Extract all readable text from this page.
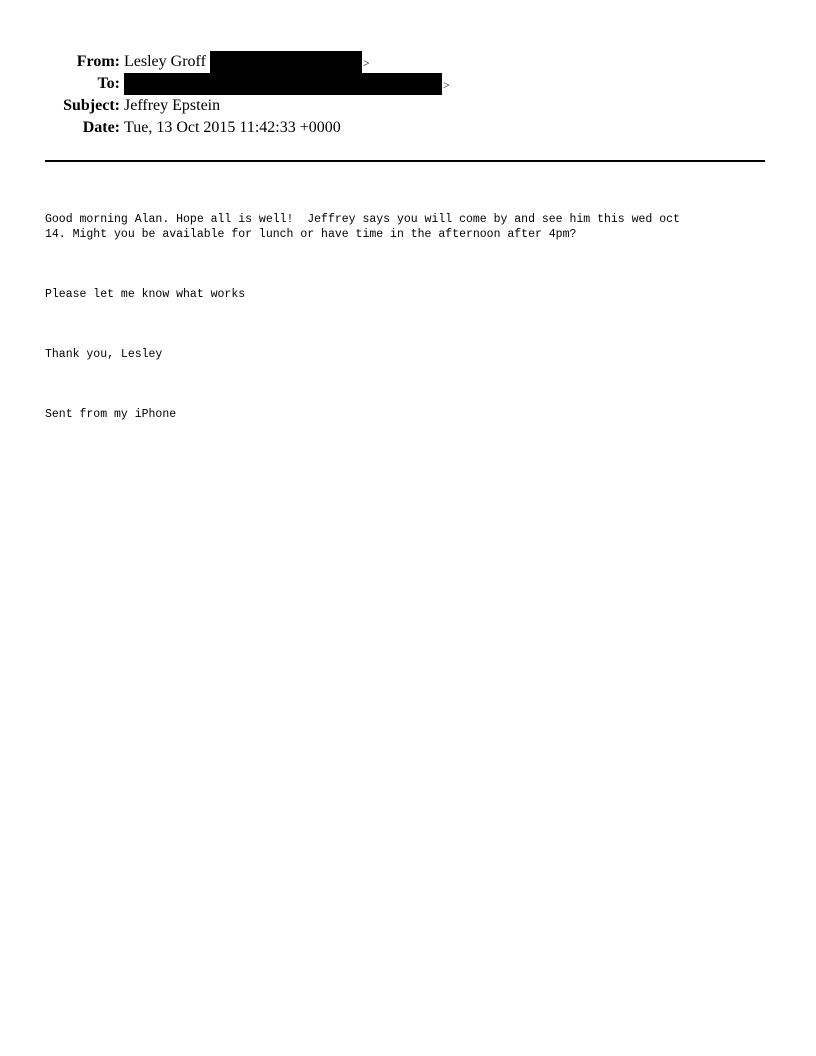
From: Lesley Groff	>
To:	>
Subject: Jeffrey Epstein
Date: Tue, 13 Oct 2015 11:42:33 +0000

Good morning Alan. Hope all is well!  Jeffrey says you will come by and see him this wed oct
14. Might you be available for lunch or have time in the afternoon after 4pm?

Please let me know what works

Thank you, Lesley

Sent from my iPhone
